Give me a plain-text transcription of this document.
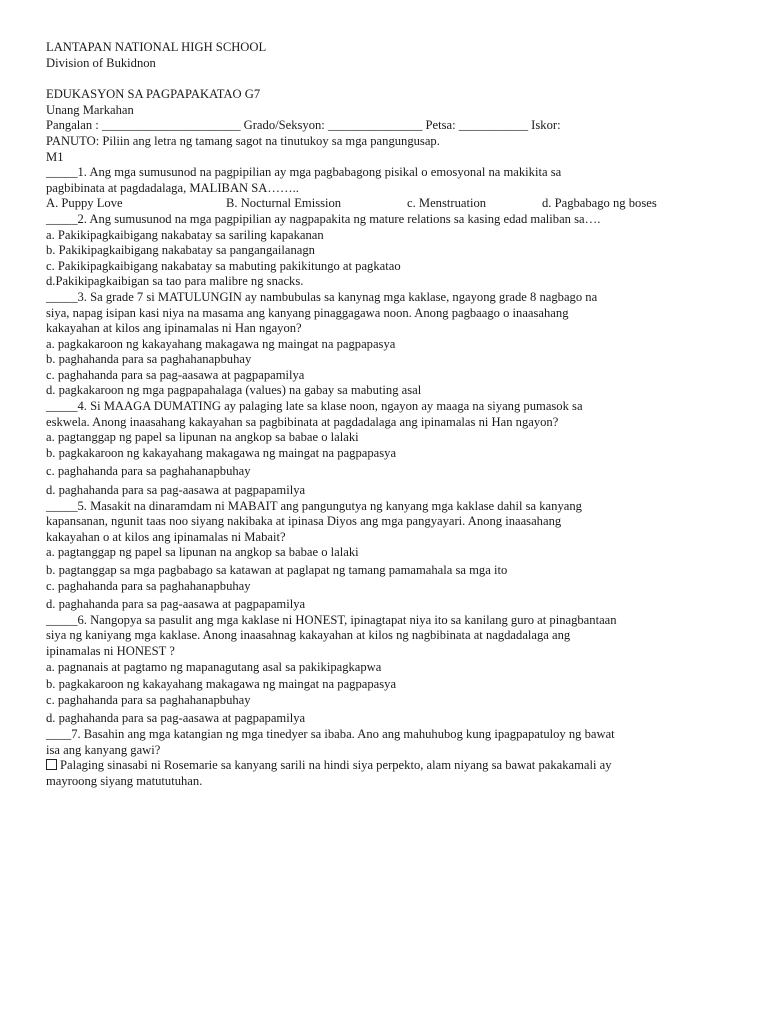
LANTAPAN NATIONAL HIGH SCHOOL
Division of Bukidnon
EDUKASYON SA PAGPAPAKATAO G7
Unang Markahan
Pangalan : ______________________ Grado/Seksyon: _______________ Petsa: ___________ Iskor:
PANUTO: Piliin ang letra ng tamang sagot na tinutukoy sa mga pangungusap.
M1
_____1. Ang mga sumusunod na pagpipilian ay mga pagbabagong pisikal o emosyonal na makikita sa
pagbibinata at pagdadalaga, MALIBAN SA……..
A. Puppy Love	B. Nocturnal Emission	c. Menstruation	d. Pagbabago ng boses
_____2. Ang sumusunod na mga pagpipilian ay nagpapakita ng mature relations sa kasing edad maliban sa….
a. Pakikipagkaibigang nakabatay sa sariling kapakanan
b. Pakikipagkaibigang nakabatay sa pangangailanagn
c. Pakikipagkaibigang nakabatay sa mabuting pakikitungo at pagkatao
d.Pakikipagkaibigan sa tao para malibre ng snacks.
_____3. Sa grade 7 si MATULUNGIN ay nambubulas sa kanynag mga kaklase, ngayong grade 8 nagbago na
siya, napag isipan kasi niya na masama ang kanyang pinaggagawa noon. Anong pagbaago o inaasahang
kakayahan at kilos ang ipinamalas ni Han ngayon?
a. pagkakaroon ng kakayahang makagawa ng maingat na pagpapasya
b. paghahanda para sa paghahanapbuhay
c. paghahanda para sa pag-aasawa at pagpapamilya
d. pagkakaroon ng mga pagpapahalaga (values) na gabay sa mabuting asal
_____4. Si MAAGA DUMATING ay palaging late sa klase noon, ngayon ay maaga na siyang pumasok sa
eskwela. Anong inaasahang kakayahan sa pagbibinata at pagdadalaga ang ipinamalas ni Han ngayon?
a. pagtanggap ng papel sa lipunan na angkop sa babae o lalaki
b. pagkakaroon ng kakayahang makagawa ng maingat na pagpapasya
c. paghahanda para sa paghahanapbuhay
d. paghahanda para sa pag-aasawa at pagpapamilya
_____5. Masakit na dinaramdam ni MABAIT ang pangungutya ng kanyang mga kaklase dahil sa kanyang
kapansanan, ngunit taas noo siyang nakibaka at ipinasa Diyos ang mga pangyayari. Anong inaasahang
kakayahan o at kilos ang ipinamalas ni Mabait?
a. pagtanggap ng papel sa lipunan na angkop sa babae o lalaki
b. pagtanggap sa mga pagbabago sa katawan at paglapat ng tamang pamamahala sa mga ito
c. paghahanda para sa paghahanapbuhay
d. paghahanda para sa pag-aasawa at pagpapamilya
_____6. Nangopya sa pasulit ang mga kaklase ni HONEST, ipinagtapat niya ito sa kanilang guro at pinagbantaan
siya ng kaniyang mga kaklase. Anong inaasahnag kakayahan at kilos ng nagbibinata at nagdadalaga ang
ipinamalas ni HONEST ?
a. pagnanais at pagtamo ng mapanagutang asal sa pakikipagkapwa
b. pagkakaroon ng kakayahang makagawa ng maingat na pagpapasya
c. paghahanda para sa paghahanapbuhay
d. paghahanda para sa pag-aasawa at pagpapamilya
____7. Basahin ang mga katangian ng mga tinedyer sa ibaba. Ano ang mahuhubog kung ipagpapatuloy ng bawat
isa ang kanyang gawi?
Palaging sinasabi ni Rosemarie sa kanyang sarili na hindi siya perpekto, alam niyang sa bawat pakakamali ay
mayroong siyang matututuhan.
